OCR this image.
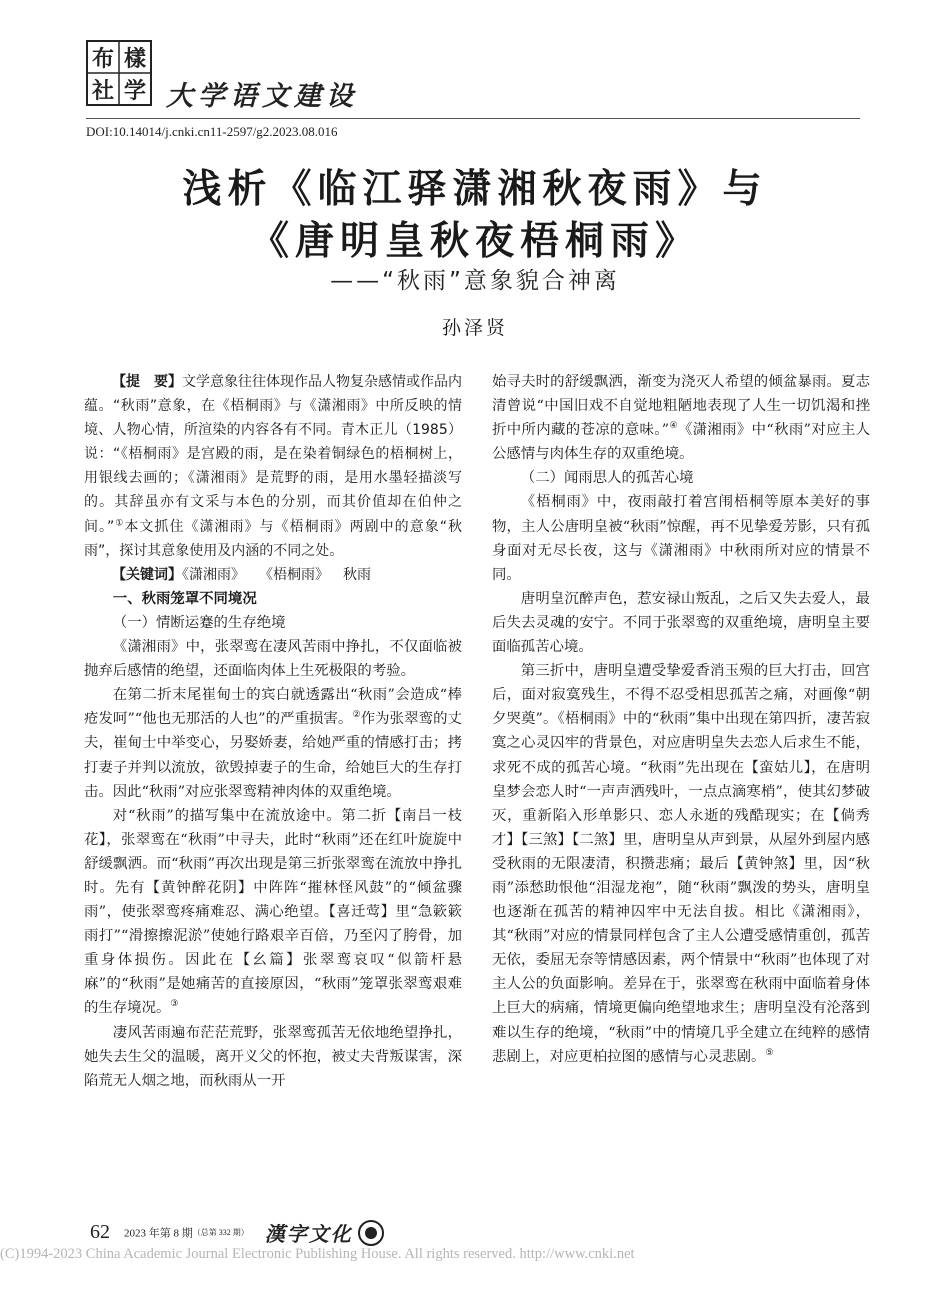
布 樣
社 学 大学语文建设
DOI:10.14014/j.cnki.cn11-2597/g2.2023.08.016
浅析《临江驿潇湘秋夜雨》与
《唐明皇秋夜梧桐雨》
——“秋雨”意象貌合神离
孙泽贤

【提　要】文学意象往往体现作品人物复杂感情或作品内蕴。“秋雨”意象，在《梧桐雨》与《潇湘雨》中所反映的情境、人物心情，所渲染的内容各有不同。青木正儿（1985）说：“《梧桐雨》是宫殿的雨，是在染着铜绿色的梧桐树上，用银线去画的；《潇湘雨》是荒野的雨，是用水墨轻描淡写的。其辞虽亦有文采与本色的分别，而其价值却在伯仲之间。”①本文抓住《潇湘雨》与《梧桐雨》两剧中的意象“秋雨”，探讨其意象使用及内涵的不同之处。

【关键词】《潇湘雨》  《梧桐雨》  秋雨

一、秋雨笼罩不同境况

（一）情断运蹇的生存绝境

《潇湘雨》中，张翠鸾在凄风苦雨中挣扎，不仅面临被抛弃后感情的绝望，还面临肉体上生死极限的考验。

在第二折末尾崔甸士的宾白就透露出“秋雨”会造成“棒疮发呵”“他也无那活的人也”的严重损害。②作为张翠鸾的丈夫，崔甸士中举变心，另娶娇妻，给她严重的情感打击；拷打妻子并判以流放，欲毁掉妻子的生命，给她巨大的生存打击。因此“秋雨”对应张翠鸾精神肉体的双重绝境。

对“秋雨”的描写集中在流放途中。第二折【南吕一枝花】，张翠鸾在“秋雨”中寻夫，此时“秋雨”还在红叶旋旋中舒缓飘洒。而“秋雨”再次出现是第三折张翠鸾在流放中挣扎时。先有【黄钟醉花阴】中阵阵“摧林怪风鼓”的“倾盆骤雨”，使张翠鸾疼痛难忍、满心绝望。【喜迁莺】里“急簌簌雨打”“滑擦擦泥淤”使她行路艰辛百倍，乃至闪了胯骨，加重身体损伤。因此在【幺篇】张翠鸾哀叹“似箭杆悬麻”的“秋雨”是她痛苦的直接原因，“秋雨”笼罩张翠鸾艰难的生存境况。③

凄风苦雨遍布茫茫荒野，张翠鸾孤苦无依地绝望挣扎，她失去生父的温暖，离开义父的怀抱，被丈夫背叛谋害，深陷荒无人烟之地，而秋雨从一开

始寻夫时的舒缓飘洒，渐变为浇灭人希望的倾盆暴雨。夏志清曾说“中国旧戏不自觉地粗陋地表现了人生一切饥渴和挫折中所内藏的苍凉的意味。”④《潇湘雨》中“秋雨”对应主人公感情与肉体生存的双重绝境。

（二）闻雨思人的孤苦心境

《梧桐雨》中，夜雨敲打着宫闱梧桐等原本美好的事物，主人公唐明皇被“秋雨”惊醒，再不见挚爱芳影，只有孤身面对无尽长夜，这与《潇湘雨》中秋雨所对应的情景不同。

唐明皇沉醉声色，惹安禄山叛乱，之后又失去爱人，最后失去灵魂的安宁。不同于张翠鸾的双重绝境，唐明皇主要面临孤苦心境。

第三折中，唐明皇遭受挚爱香消玉殒的巨大打击，回宫后，面对寂寞残生，不得不忍受相思孤苦之痛，对画像“朝夕哭奠”。《梧桐雨》中的“秋雨”集中出现在第四折，凄苦寂寞之心灵囚牢的背景色，对应唐明皇失去恋人后求生不能，求死不成的孤苦心境。“秋雨”先出现在【蛮姑儿】，在唐明皇梦会恋人时“一声声洒残叶，一点点滴寒梢”，使其幻梦破灭，重新陷入形单影只、恋人永逝的残酷现实；在【倘秀才】【三煞】【二煞】里，唐明皇从声到景，从屋外到屋内感受秋雨的无限凄清，积攒悲痛；最后【黄钟煞】里，因“秋雨”添愁助恨他“泪湿龙袍”，随“秋雨”飘泼的势头，唐明皇也逐渐在孤苦的精神囚牢中无法自拔。相比《潇湘雨》，其“秋雨”对应的情景同样包含了主人公遭受感情重创，孤苦无依，委屈无奈等情感因素，两个情景中“秋雨”也体现了对主人公的负面影响。差异在于，张翠鸾在秋雨中面临着身体上巨大的病痛，情境更偏向绝望地求生；唐明皇没有沦落到难以生存的绝境，“秋雨”中的情境几乎全建立在纯粹的感情悲剧上，对应更柏拉图的感情与心灵悲剧。⑤

62 2023 年第 8 期（总第 332 期） 漢字文化
(C)1994-2023 China Academic Journal Electronic Publishing House. All rights reserved. http://www.cnki.net
